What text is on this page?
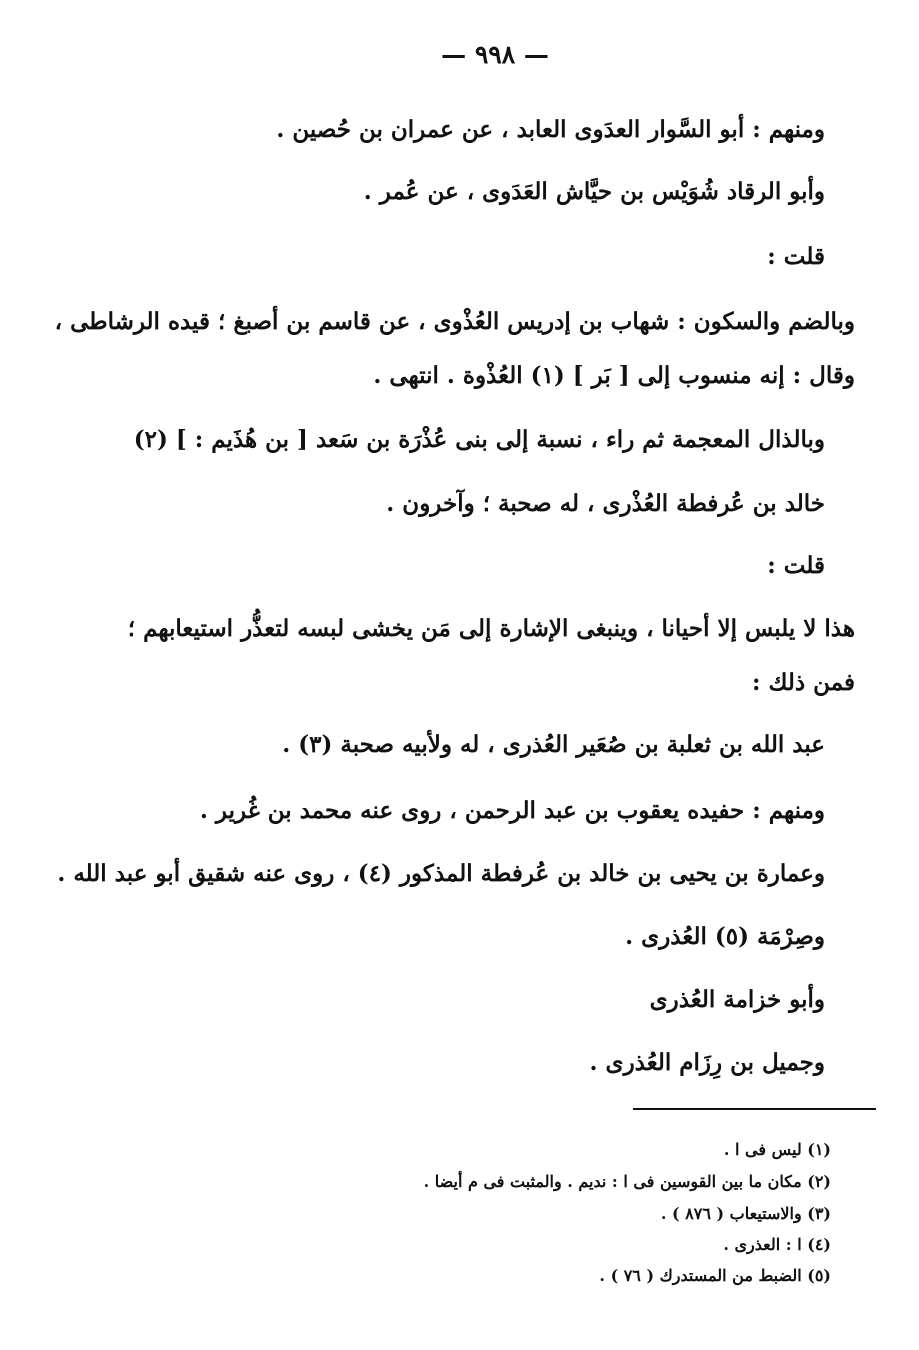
— ٩٩٨ —
ومنهم : أبو السَّوار العدَوى العابد ، عن عمران بن حُصين .
وأبو الرقاد شُوَيْس بن حيَّاش العَدَوى ، عن عُمر .
قلت :
وبالضم والسكون : شهاب بن إدريس العُذْوى ، عن قاسم بن أصبغ ؛ قيده الرشاطى ،
وقال : إنه منسوب إلى [ بَر ] (١) العُذْوة . انتهى .
وبالذال المعجمة ثم راء ، نسبة إلى بنى عُذْرَة بن سَعد [ بن هُذَيم : ] (٢)
خالد بن عُرفطة العُذْرى ، له صحبة ؛ وآخرون .
قلت :
هذا لا يلبس إلا أحيانا ، وينبغى الإشارة إلى مَن يخشى لبسه لتعذُّر استيعابهم ؛
فمن ذلك :
عبد الله بن ثعلبة بن صُعَير العُذرى ، له ولأبيه صحبة (٣) .
ومنهم : حفيده يعقوب بن عبد الرحمن ، روى عنه محمد بن غُرير .
وعمارة بن يحيى بن خالد بن عُرفطة المذكور (٤) ، روى عنه شقيق أبو عبد الله .
وصِرْمَة (٥) العُذرى .
وأبو خزامة العُذرى
وجميل بن رِزَام العُذرى .
(١) ليس فى ا .
(٢) مكان ما بين القوسين فى ا : نديم . والمثبت فى م أيضا .
(٣) والاستيعاب ( ٨٧٦ ) .
(٤) ا : العذرى .
(٥) الضبط من المستدرك ( ٧٦ ) .
